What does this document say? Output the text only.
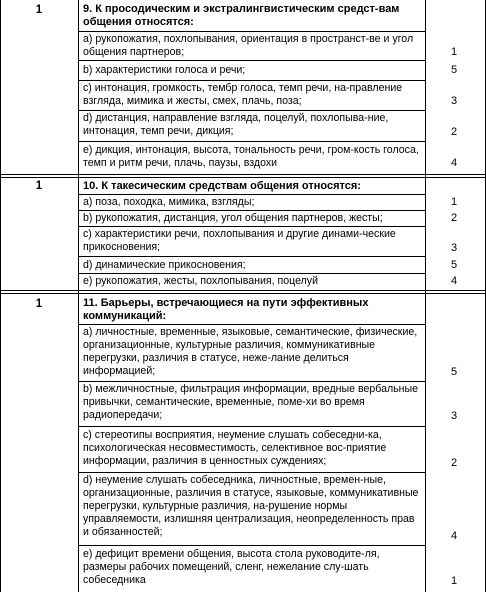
1	9. К просодическим и экстралингвистическим средст-вам общения относятся:
а) рукопожатия, похлопывания, ориентация в пространст-ве и угол общения партнеров;	1
b) характеристики голоса и речи;	5
с) интонация, громкость, тембр голоса, темп речи, на-правление взгляда, мимика и жесты, смех, плачь, поза;	3
d) дистанция, направление взгляда, поцелуй, похлопыва-ние, интонация, темп речи, дикция;	2
е) дикция, интонация, высота, тональность речи, гром-кость голоса, темп и ритм речи, плачь, паузы, вздохи	4
1	10. К такесическим средствам общения относятся:
а) поза, походка, мимика, взгляды;	1
b) рукопожатия, дистанция, угол общения партнеров, жесты;	2
с) характеристики речи, похлопывания и другие динами-ческие прикосновения;	3
d) динамические прикосновения;	5
е) рукопожатия, жесты, похлопывания, поцелуй	4
1	11. Барьеры, встречающиеся на пути эффективных коммуникаций:
а) личностные, временные, языковые, семантические, физические, организационные, культурные различия, коммуникативные перегрузки, различия в статусе, неже-лание делиться информацией;	5
b) межличностные, фильтрация информации, вредные вербальные привычки, семантические, временные, поме-хи во время радиопередачи;	3
с) стереотипы восприятия, неумение слушать собеседни-ка, психологическая несовместимость, селективное вос-приятие информации, различия в ценностных суждениях;	2
d) неумение слушать собеседника, личностные, времен-ные, организационные, различия в статусе, языковые, коммуникативные перегрузки, культурные различия, на-рушение нормы управляемости, излишняя централизация, неопределенность прав и обязанностей;	4
е) дефицит времени общения, высота стола руководите-ля, размеры рабочих помещений, сленг, нежелание слу-шать собеседника	1
